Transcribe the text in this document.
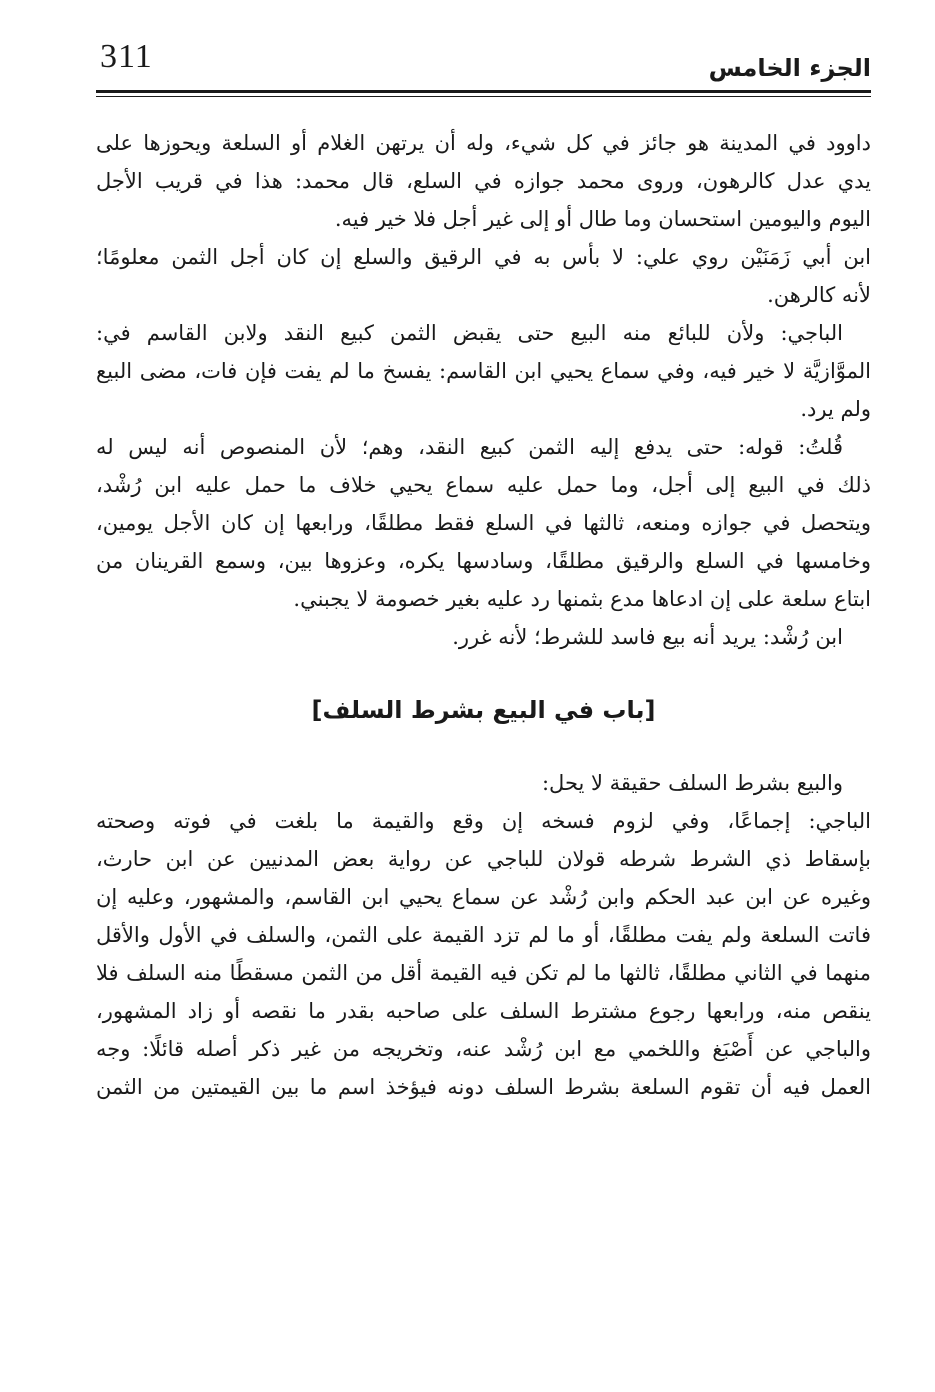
311	الجزء الخامس
داوود في المدينة هو جائز في كل شيء، وله أن يرتهن الغلام أو السلعة ويحوزها على
يدي عدل كالرهون، وروى محمد جوازه في السلع، قال محمد: هذا في قريب الأجل
اليوم واليومين استحسان وما طال أو إلى غير أجل فلا خير فيه.
ابن أبي زَمَنَيْن روي علي: لا بأس به في الرقيق والسلع إن كان أجل الثمن معلومًا؛
لأنه كالرهن.
الباجي: ولأن للبائع منه البيع حتى يقبض الثمن كبيع النقد ولابن القاسم في:
الموَّازيَّة لا خير فيه، وفي سماع يحيي ابن القاسم: يفسخ ما لم يفت فإن فات، مضى البيع
ولم يرد.
قُلتُ: قوله: حتى يدفع إليه الثمن كبيع النقد، وهم؛ لأن المنصوص أنه ليس له
ذلك في البيع إلى أجل، وما حمل عليه سماع يحيي خلاف ما حمل عليه ابن رُشْد،
ويتحصل في جوازه ومنعه، ثالثها في السلع فقط مطلقًا، ورابعها إن كان الأجل يومين،
وخامسها في السلع والرقيق مطلقًا، وسادسها يكره، وعزوها بين، وسمع القرينان من
ابتاع سلعة على إن ادعاها مدع بثمنها رد عليه بغير خصومة لا يجبني.
ابن رُشْد: يريد أنه بيع فاسد للشرط؛ لأنه غرر.
[باب في البيع بشرط السلف]
والبيع بشرط السلف حقيقة لا يحل:
الباجي: إجماعًا، وفي لزوم فسخه إن وقع والقيمة ما بلغت في فوته وصحته
بإسقاط ذي الشرط شرطه قولان للباجي عن رواية بعض المدنيين عن ابن حارث،
وغيره عن ابن عبد الحكم وابن رُشْد عن سماع يحيي ابن القاسم، والمشهور، وعليه إن
فاتت السلعة ولم يفت مطلقًا، أو ما لم تزد القيمة على الثمن، والسلف في الأول والأقل
منهما في الثاني مطلقًا، ثالثها ما لم تكن فيه القيمة أقل من الثمن مسقطًا منه السلف فلا
ينقص منه، ورابعها رجوع مشترط السلف على صاحبه بقدر ما نقصه أو زاد المشهور،
والباجي عن أَصْبَغ واللخمي مع ابن رُشْد عنه، وتخريجه من غير ذكر أصله قائلًا: وجه
العمل فيه أن تقوم السلعة بشرط السلف دونه فيؤخذ اسم ما بين القيمتين من الثمن
